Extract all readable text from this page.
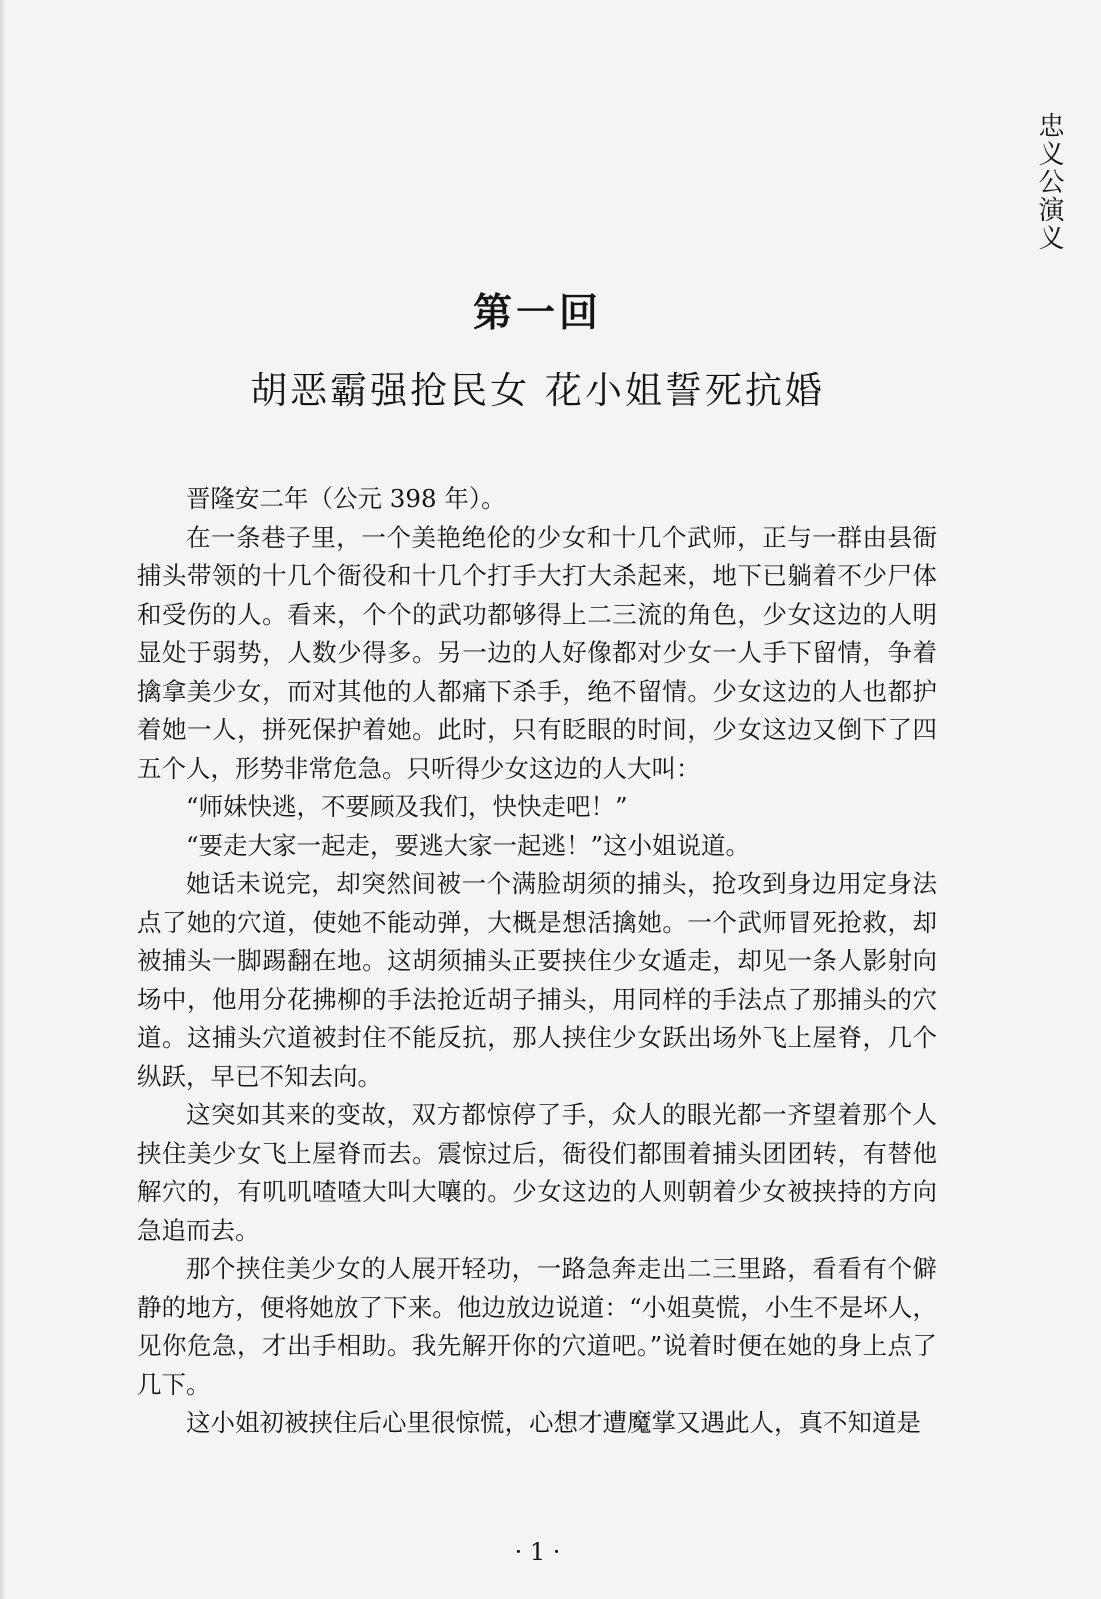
忠义公演义
第一回
胡恶霸强抢民女 花小姐誓死抗婚

晋隆安二年（公元 398 年）。

在一条巷子里，一个美艳绝伦的少女和十几个武师，正与一群由县衙捕头带领的十几个衙役和十几个打手大打大杀起来，地下已躺着不少尸体和受伤的人。看来，个个的武功都够得上二三流的角色，少女这边的人明显处于弱势，人数少得多。另一边的人好像都对少女一人手下留情，争着擒拿美少女，而对其他的人都痛下杀手，绝不留情。少女这边的人也都护着她一人，拼死保护着她。此时，只有眨眼的时间，少女这边又倒下了四五个人，形势非常危急。只听得少女这边的人大叫：

“师妹快逃，不要顾及我们，快快走吧！”

“要走大家一起走，要逃大家一起逃！”这小姐说道。

她话未说完，却突然间被一个满脸胡须的捕头，抢攻到身边用定身法点了她的穴道，使她不能动弹，大概是想活擒她。一个武师冒死抢救，却被捕头一脚踢翻在地。这胡须捕头正要挟住少女遁走，却见一条人影射向场中，他用分花拂柳的手法抢近胡子捕头，用同样的手法点了那捕头的穴道。这捕头穴道被封住不能反抗，那人挟住少女跃出场外飞上屋脊，几个纵跃，早已不知去向。

这突如其来的变故，双方都惊停了手，众人的眼光都一齐望着那个人挟住美少女飞上屋脊而去。震惊过后，衙役们都围着捕头团团转，有替他解穴的，有叽叽喳喳大叫大嚷的。少女这边的人则朝着少女被挟持的方向急追而去。

那个挟住美少女的人展开轻功，一路急奔走出二三里路，看看有个僻静的地方，便将她放了下来。他边放边说道：“小姐莫慌，小生不是坏人，见你危急，才出手相助。我先解开你的穴道吧。”说着时便在她的身上点了几下。

这小姐初被挟住后心里很惊慌，心想才遭魔掌又遇此人，真不知道是

· 1 ·
